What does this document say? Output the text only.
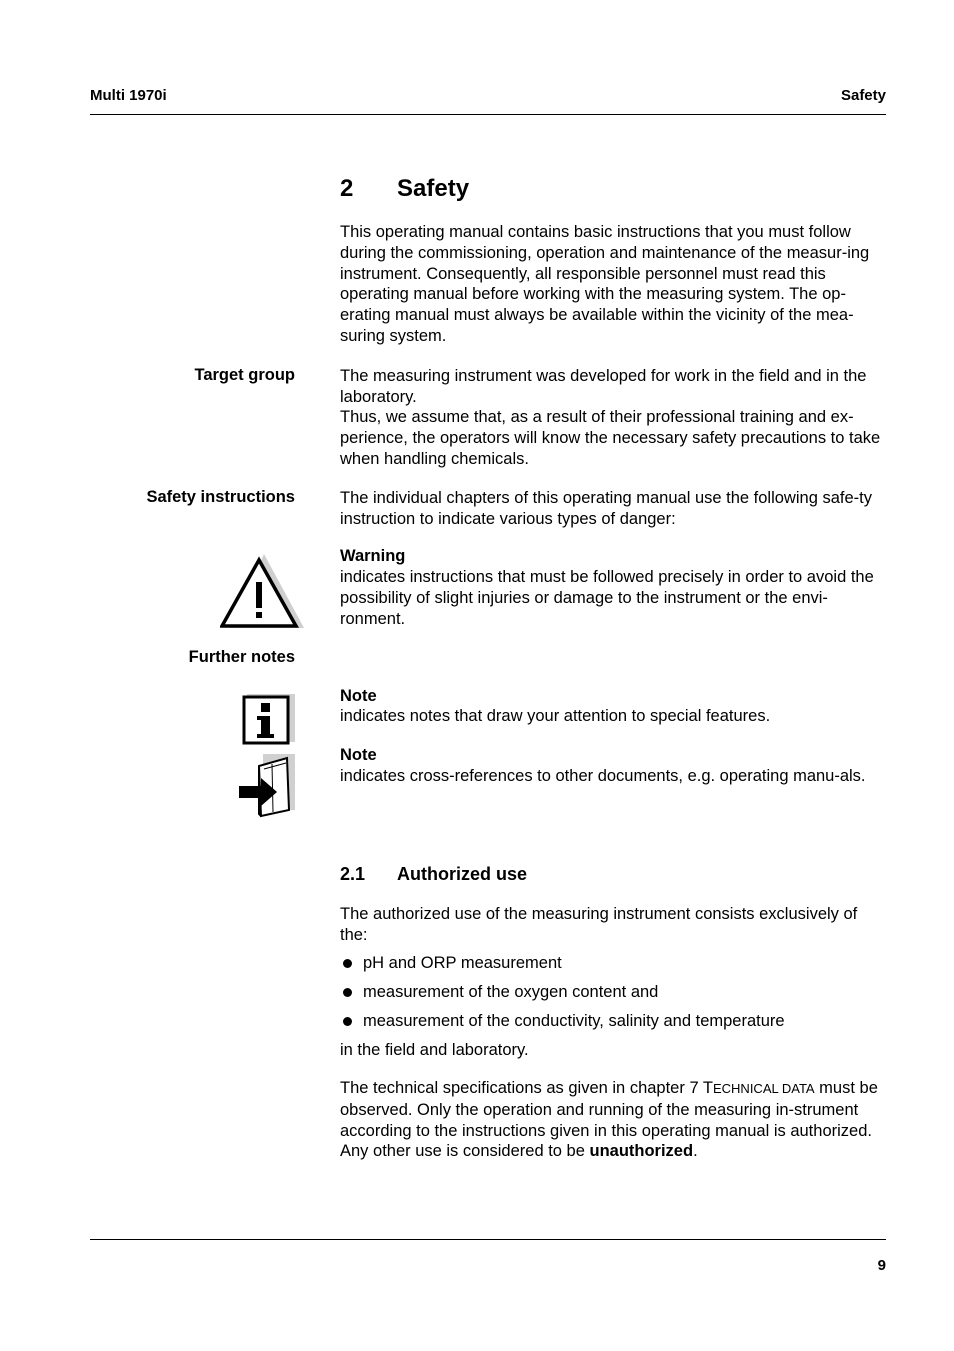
Multi 1970i	Safety
2 Safety
This operating manual contains basic instructions that you must follow during the commissioning, operation and maintenance of the measur-ing instrument. Consequently, all responsible personnel must read this operating manual before working with the measuring system. The op-erating manual must always be available within the vicinity of the mea-suring system.
Target group	The measuring instrument was developed for work in the field and in the laboratory.
Thus, we assume that, as a result of their professional training and ex-perience, the operators will know the necessary safety precautions to take when handling chemicals.
Safety instructions	The individual chapters of this operating manual use the following safe-ty instruction to indicate various types of danger:
Warning
indicates instructions that must be followed precisely in order to avoid the possibility of slight injuries or damage to the instrument or the envi-ronment.
Further notes
Note
indicates notes that draw your attention to special features.
Note
indicates cross-references to other documents, e.g. operating manu-als.
2.1 Authorized use
The authorized use of the measuring instrument consists exclusively of the:
pH and ORP measurement
measurement of the oxygen content and
measurement of the conductivity, salinity and temperature
in the field and laboratory.
The technical specifications as given in chapter 7 TECHNICAL DATA must be observed. Only the operation and running of the measuring in-strument according to the instructions given in this operating manual is authorized. Any other use is considered to be unauthorized.
9
